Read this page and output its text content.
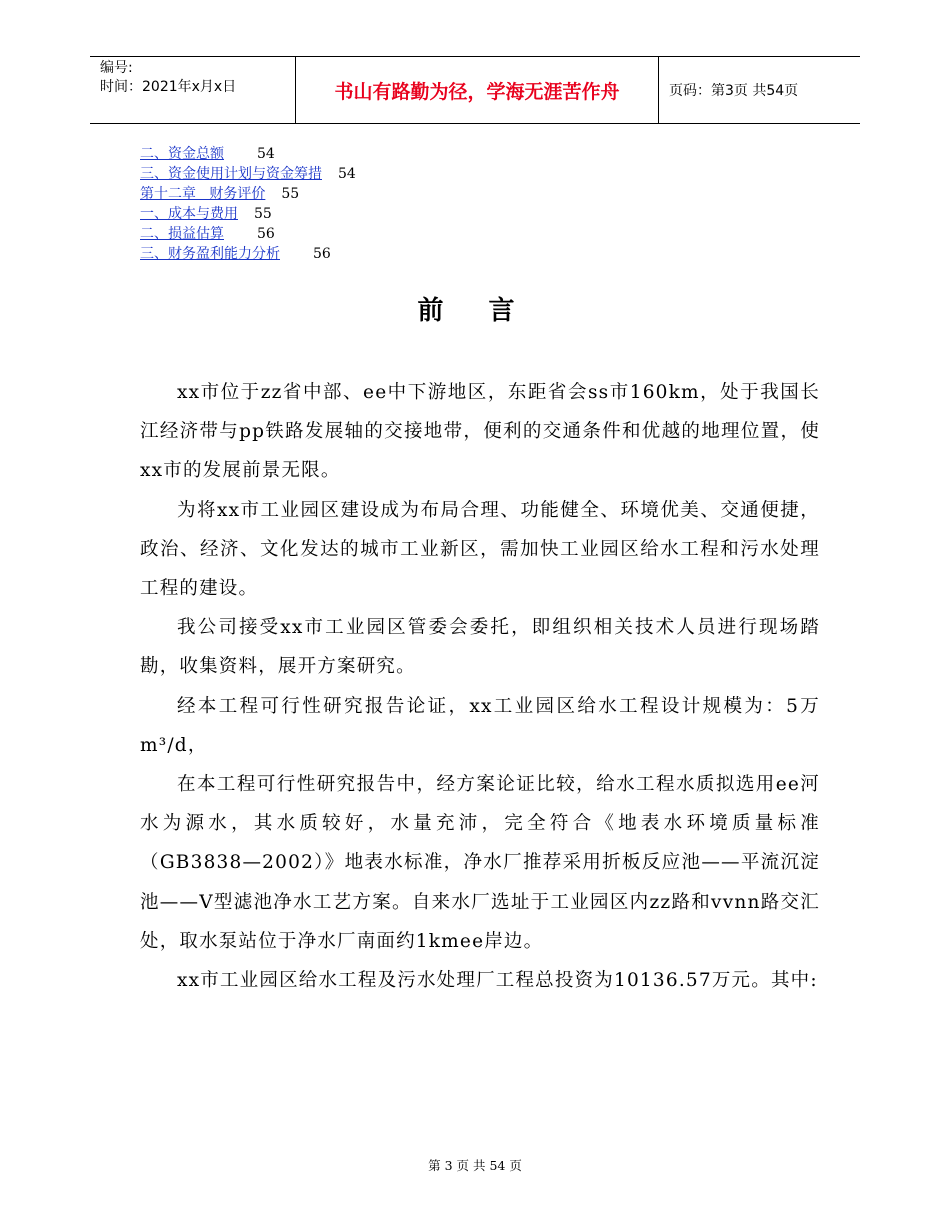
编号:
时间：2021年x月x日	书山有路勤为径，学海无涯苦作舟	页码：第3页 共54页
二、资金总额 54
三、资金使用计划与资金筹措 54
第十二章   财务评价 55
一、成本与费用 55
二、损益估算 56
三、财务盈利能力分析 56
前 言

xx市位于zz省中部、ee中下游地区，东距省会ss市160km，处于我国长江经济带与pp铁路发展轴的交接地带，便利的交通条件和优越的地理位置，使xx市的发展前景无限。

为将xx市工业园区建设成为布局合理、功能健全、环境优美、交通便捷，政治、经济、文化发达的城市工业新区，需加快工业园区给水工程和污水处理工程的建设。

我公司接受xx市工业园区管委会委托，即组织相关技术人员进行现场踏勘，收集资料，展开方案研究。

经本工程可行性研究报告论证，xx工业园区给水工程设计规模为：5万m³/d，

在本工程可行性研究报告中，经方案论证比较，给水工程水质拟选用ee河水为源水，其水质较好，水量充沛，完全符合《地表水环境质量标准（GB3838—2002）》地表水标准，净水厂推荐采用折板反应池——平流沉淀池——V型滤池净水工艺方案。自来水厂选址于工业园区内zz路和vvnn路交汇处，取水泵站位于净水厂南面约1kmee岸边。

xx市工业园区给水工程及污水处理厂工程总投资为10136.57万元。其中:

第 3 页 共 54 页
